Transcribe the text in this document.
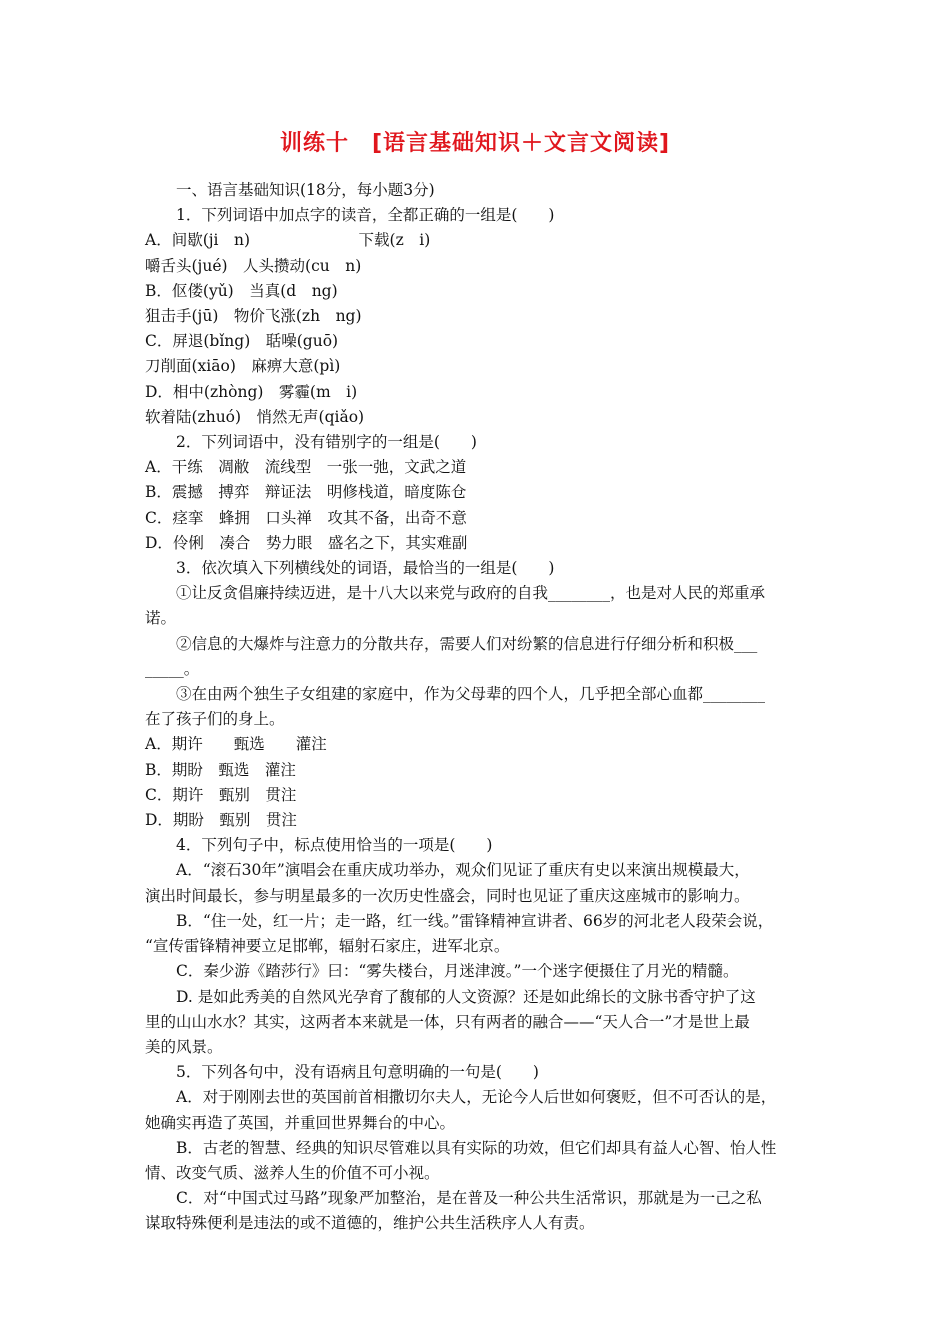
训练十　[语言基础知识＋文言文阅读]

一、语言基础知识(18分，每小题3分)

1．下列词语中加点字的读音，全都正确的一组是(　　)

A．间歇(ji　n)　　　　　　　下载(z　i)

嚼舌头(jué)　人头攒动(cu　n)

B．伛偻(yǔ)　当真(d　ng)

狙击手(jū)　物价飞涨(zh　ng)

C．屏退(bǐng)　聒噪(guō)

刀削面(xiāo)　麻痹大意(pì)

D．相中(zhòng)　雾霾(m　i)

软着陆(zhuó)　悄然无声(qiǎo)

2．下列词语中，没有错别字的一组是(　　)

A．干练　凋敝　流线型　一张一弛，文武之道

B．震撼　搏弈　辩证法　明修栈道，暗度陈仓

C．痉挛　蜂拥　口头禅　攻其不备，出奇不意

D．伶俐　凑合　势力眼　盛名之下，其实难副

3．依次填入下列横线处的词语，最恰当的一组是(　　)

①让反贪倡廉持续迈进，是十八大以来党与政府的自我________，也是对人民的郑重承

诺。

②信息的大爆炸与注意力的分散共存，需要人们对纷繁的信息进行仔细分析和积极___

_____。

③在由两个独生子女组建的家庭中，作为父母辈的四个人，几乎把全部心血都________

在了孩子们的身上。

A．期许　　甄选　　灌注

B．期盼　甄选　灌注

C．期许　甄别　贯注

D．期盼　甄别　贯注

4．下列句子中，标点使用恰当的一项是(　　)

A．“滚石30年”演唱会在重庆成功举办，观众们见证了重庆有史以来演出规模最大，

演出时间最长，参与明星最多的一次历史性盛会，同时也见证了重庆这座城市的影响力。

B．“住一处，红一片；走一路，红一线。”雷锋精神宣讲者、66岁的河北老人段荣会说，

“宣传雷锋精神要立足邯郸，辐射石家庄，进军北京。

C．秦少游《踏莎行》曰：“雾失楼台，月迷津渡。”一个迷字便摄住了月光的精髓。

D. 是如此秀美的自然风光孕育了馥郁的人文资源？还是如此绵长的文脉书香守护了这

里的山山水水？其实，这两者本来就是一体，只有两者的融合——“天人合一”才是世上最

美的风景。

5．下列各句中，没有语病且句意明确的一句是(　　)

A．对于刚刚去世的英国前首相撒切尔夫人，无论今人后世如何褒贬，但不可否认的是，

她确实再造了英国，并重回世界舞台的中心。

B．古老的智慧、经典的知识尽管难以具有实际的功效，但它们却具有益人心智、怡人性

情、改变气质、滋养人生的价值不可小视。

C．对“中国式过马路”现象严加整治，是在普及一种公共生活常识，那就是为一己之私

谋取特殊便利是违法的或不道德的，维护公共生活秩序人人有责。
